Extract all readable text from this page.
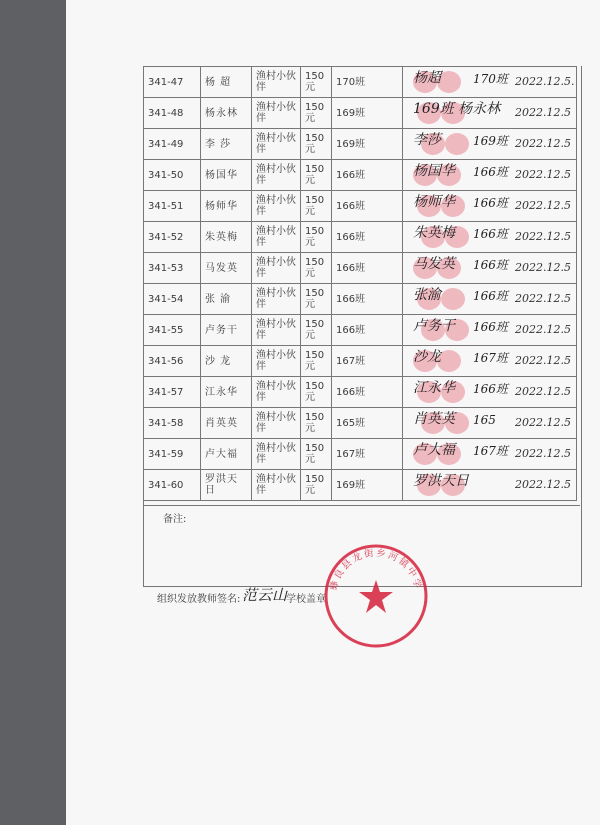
341-47	杨 超	渔村小伙伴	150元	170班	杨超 170班 2022.12.5.

341-48	杨永林	渔村小伙伴	150元	169班	169班 杨永林 2022.12.5

341-49	李 莎	渔村小伙伴	150元	169班	李莎 169班 2022.12.5

341-50	杨国华	渔村小伙伴	150元	166班	杨国华 166班 2022.12.5

341-51	杨师华	渔村小伙伴	150元	166班	杨师华 166班 2022.12.5

341-52	朱英梅	渔村小伙伴	150元	166班	朱英梅 166班 2022.12.5

341-53	马发英	渔村小伙伴	150元	166班	马发英 166班 2022.12.5

341-54	张 渝	渔村小伙伴	150元	166班	张渝 166班 2022.12.5

341-55	卢务干	渔村小伙伴	150元	166班	卢务干 166班 2022.12.5

341-56	沙 龙	渔村小伙伴	150元	167班	沙龙 167班 2022.12.5

341-57	江永华	渔村小伙伴	150元	166班	江永华 166班 2022.12.5

341-58	肖英英	渔村小伙伴	150元	165班	肖英英 165 2022.12.5

341-59	卢大福	渔村小伙伴	150元	167班	卢大福 167班 2022.12.5

341-60	罗洪天日	渔村小伙伴	150元	169班	罗洪天日 2022.12.5
备注:
组织发放教师签名: 范云山
学校盖章
彝良县龙街乡河镇中学
